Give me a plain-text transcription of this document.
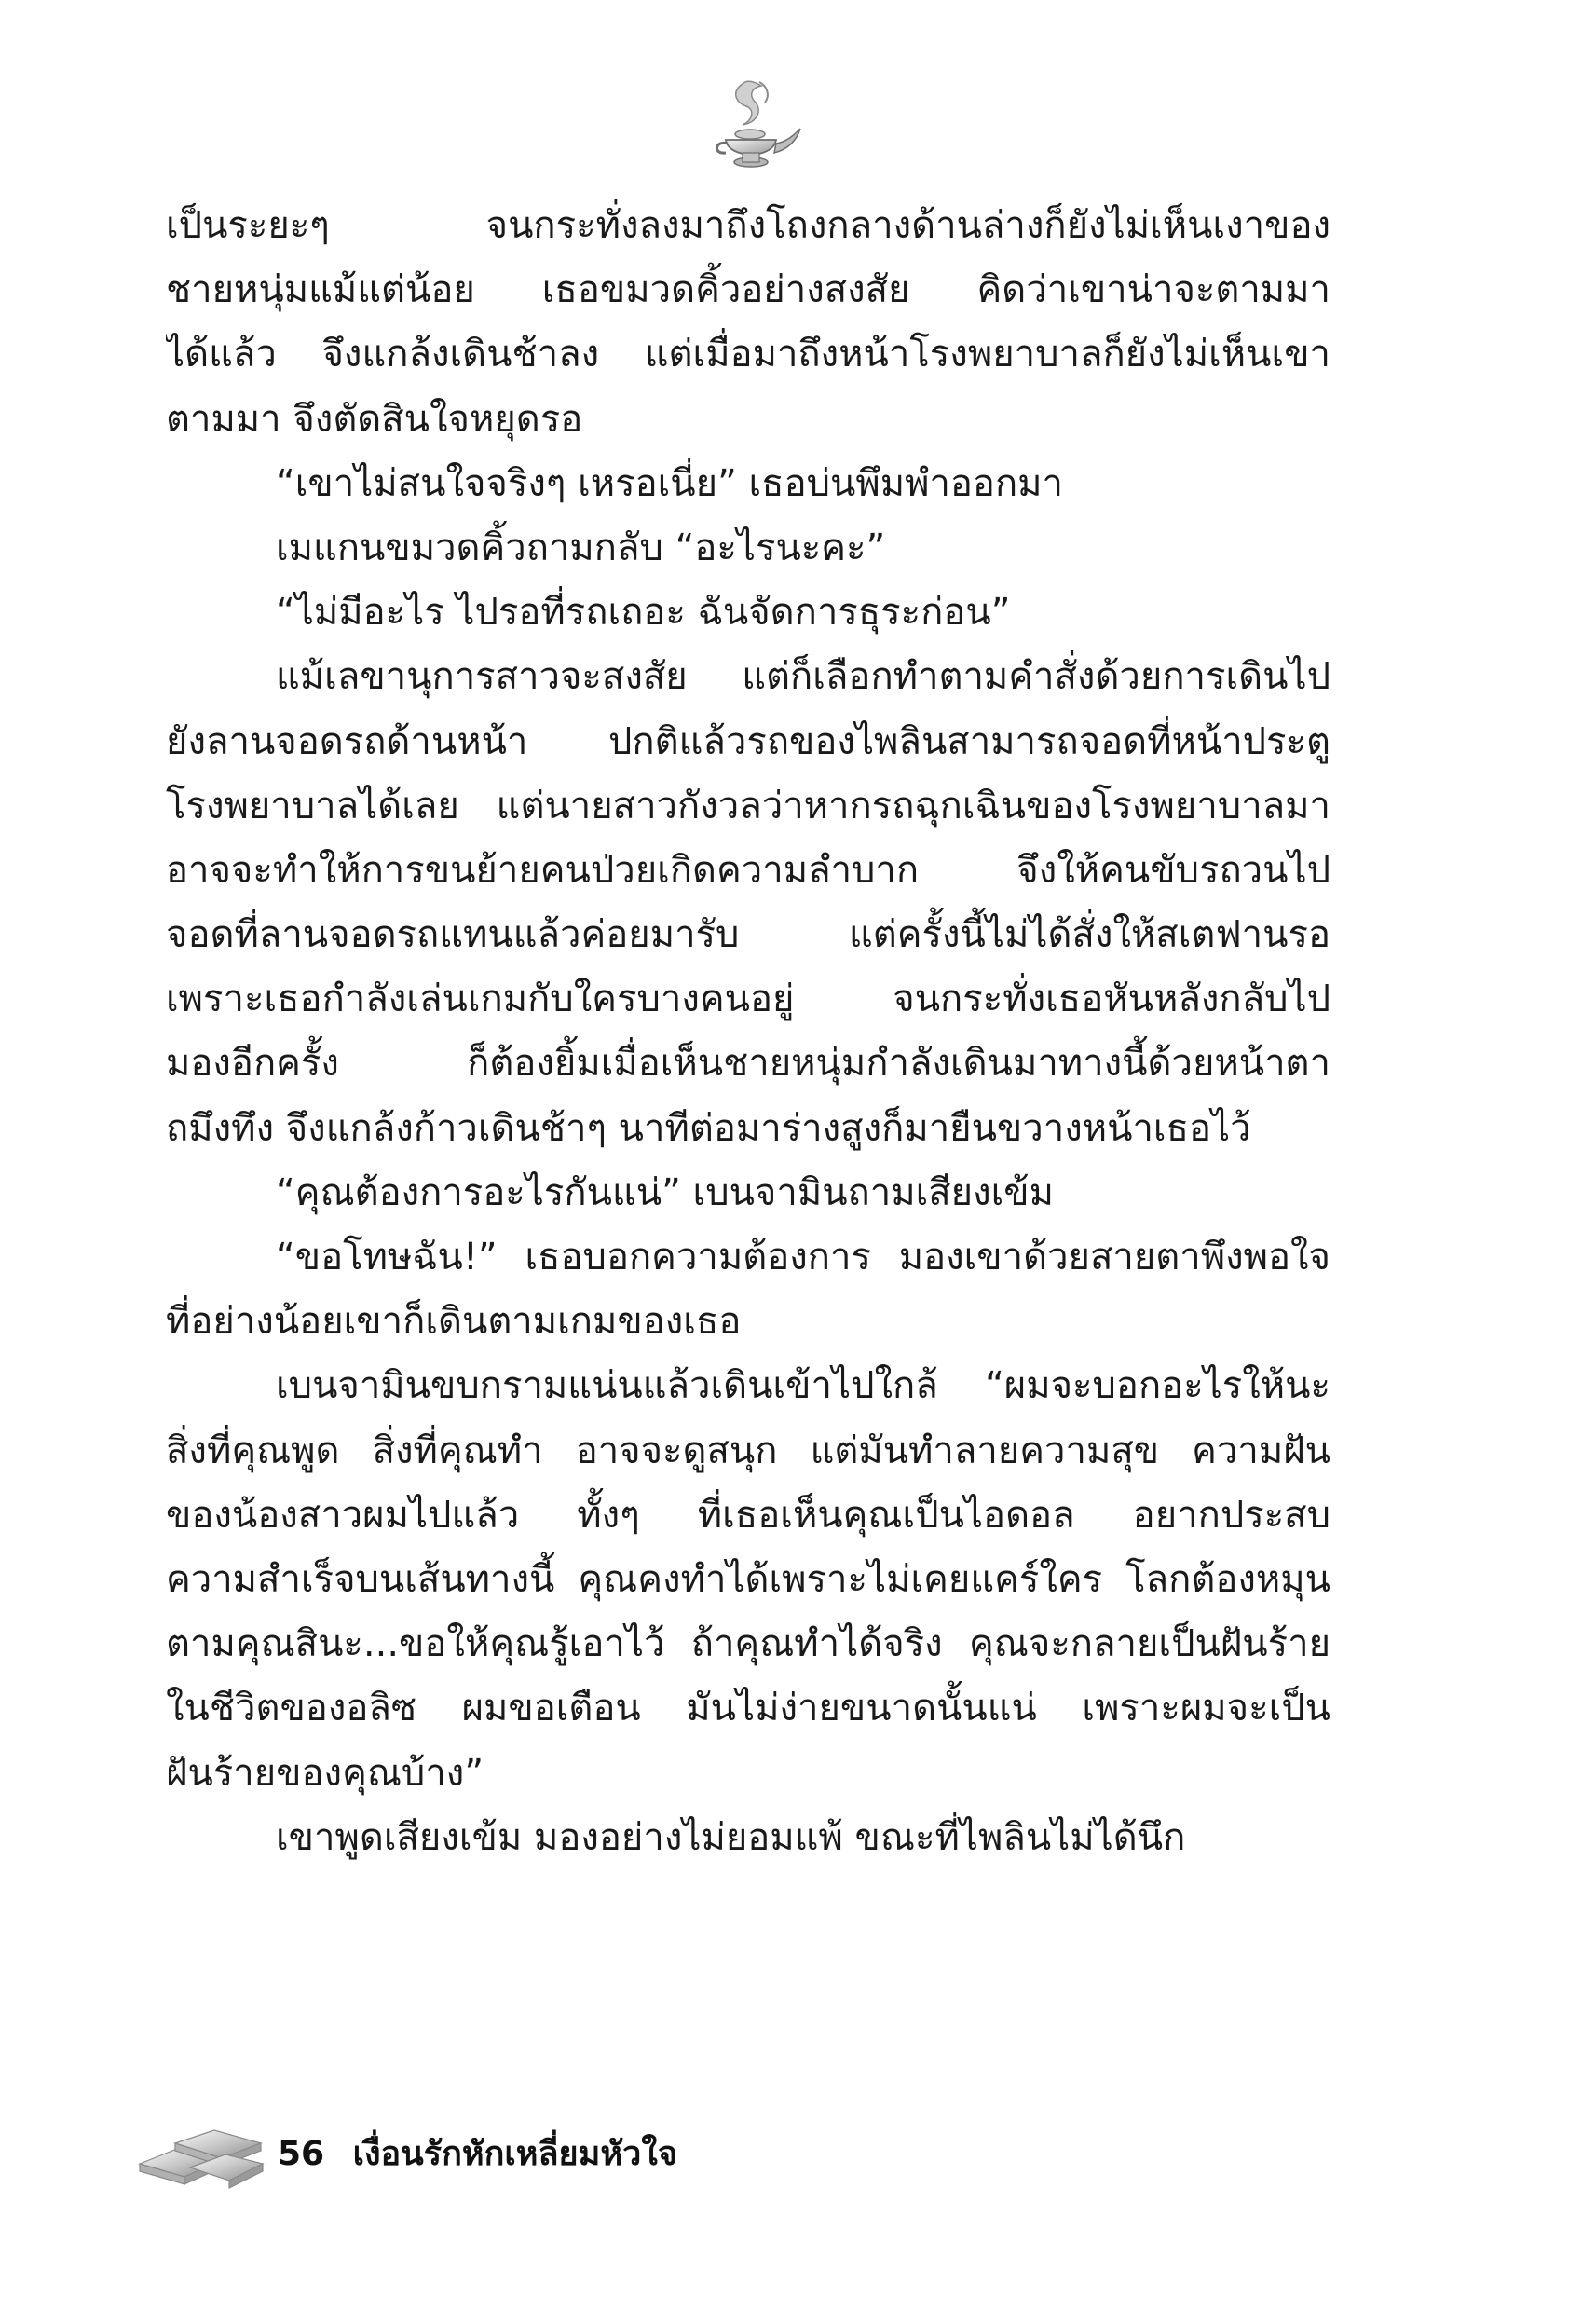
เป็นระยะๆ จนกระทั่งลงมาถึงโถงกลางด้านล่างก็ยังไม่เห็นเงาของ
ชายหนุ่มแม้แต่น้อย เธอขมวดคิ้วอย่างสงสัย คิดว่าเขาน่าจะตามมา
ได้แล้ว จึงแกล้งเดินช้าลง แต่เมื่อมาถึงหน้าโรงพยาบาลก็ยังไม่เห็นเขา
ตามมา จึงตัดสินใจหยุดรอ
“เขาไม่สนใจจริงๆ เหรอเนี่ย” เธอบ่นพึมพำออกมา
เมแกนขมวดคิ้วถามกลับ “อะไรนะคะ”
“ไม่มีอะไร ไปรอที่รถเถอะ ฉันจัดการธุระก่อน”
แม้เลขานุการสาวจะสงสัย แต่ก็เลือกทำตามคำสั่งด้วยการเดินไป
ยังลานจอดรถด้านหน้า ปกติแล้วรถของไพลินสามารถจอดที่หน้าประตู
โรงพยาบาลได้เลย แต่นายสาวกังวลว่าหากรถฉุกเฉินของโรงพยาบาลมา
อาจจะทำให้การขนย้ายคนป่วยเกิดความลำบาก จึงให้คนขับรถวนไป
จอดที่ลานจอดรถแทนแล้วค่อยมารับ แต่ครั้งนี้ไม่ได้สั่งให้สเตฟานรอ
เพราะเธอกำลังเล่นเกมกับใครบางคนอยู่ จนกระทั่งเธอหันหลังกลับไป
มองอีกครั้ง ก็ต้องยิ้มเมื่อเห็นชายหนุ่มกำลังเดินมาทางนี้ด้วยหน้าตา
ถมึงทึง จึงแกล้งก้าวเดินช้าๆ นาทีต่อมาร่างสูงก็มายืนขวางหน้าเธอไว้
“คุณต้องการอะไรกันแน่” เบนจามินถามเสียงเข้ม
“ขอโทษฉัน!” เธอบอกความต้องการ มองเขาด้วยสายตาพึงพอใจ
ที่อย่างน้อยเขาก็เดินตามเกมของเธอ
เบนจามินขบกรามแน่นแล้วเดินเข้าไปใกล้ “ผมจะบอกอะไรให้นะ
สิ่งที่คุณพูด สิ่งที่คุณทำ อาจจะดูสนุก แต่มันทำลายความสุข ความฝัน
ของน้องสาวผมไปแล้ว ทั้งๆ ที่เธอเห็นคุณเป็นไอดอล อยากประสบ
ความสำเร็จบนเส้นทางนี้ คุณคงทำได้เพราะไม่เคยแคร์ใคร โลกต้องหมุน
ตามคุณสินะ...ขอให้คุณรู้เอาไว้ ถ้าคุณทำได้จริง คุณจะกลายเป็นฝันร้าย
ในชีวิตของอลิซ ผมขอเตือน มันไม่ง่ายขนาดนั้นแน่ เพราะผมจะเป็น
ฝันร้ายของคุณบ้าง”
เขาพูดเสียงเข้ม มองอย่างไม่ยอมแพ้ ขณะที่ไพลินไม่ได้นึก
56 เงื่อนรักหักเหลี่ยมหัวใจ
